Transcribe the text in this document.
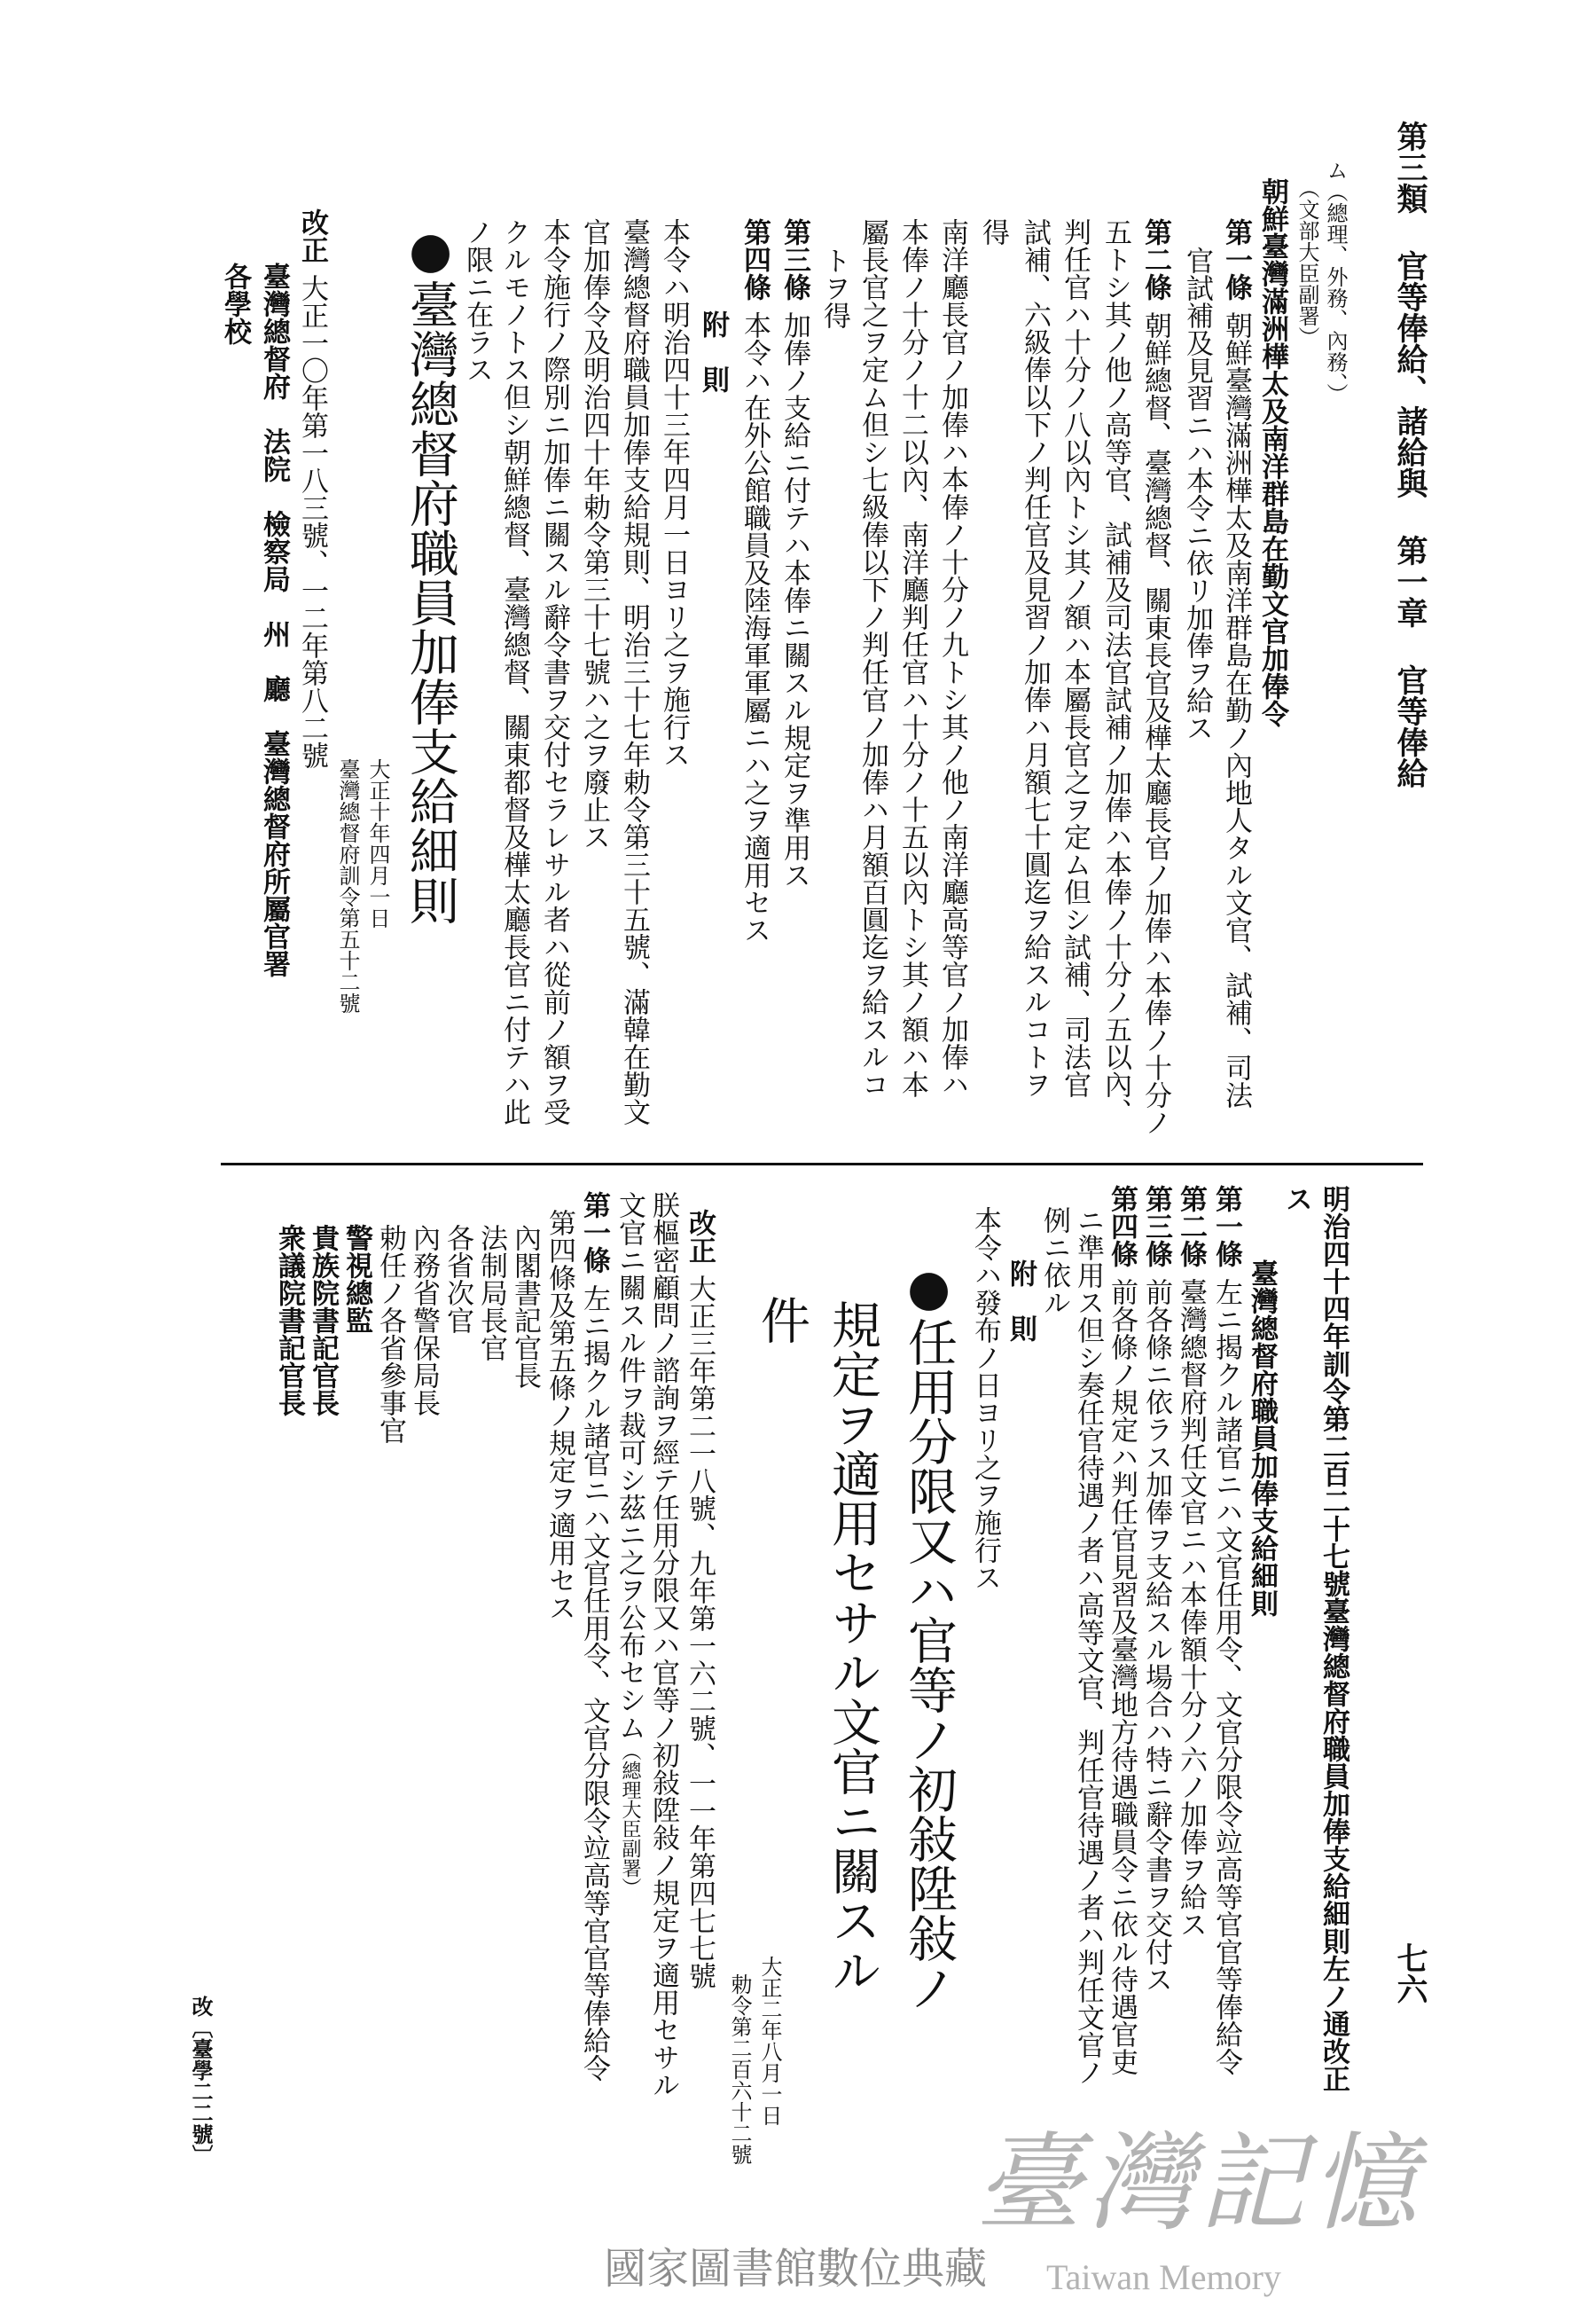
第三類 官等俸給、諸給與 第一章 官等俸給
ム（總理、外務、內務、）
（文部大臣副署）
朝鮮臺灣滿洲樺太及南洋群島在勤文官加俸令
第一條朝鮮臺灣滿洲樺太及南洋群島在勤ノ內地人タル文官、試補、司法
官試補及見習ニハ本令ニ依リ加俸ヲ給ス
第二條朝鮮總督、臺灣總督、關東長官及樺太廳長官ノ加俸ハ本俸ノ十分ノ
五トシ其ノ他ノ高等官、試補及司法官試補ノ加俸ハ本俸ノ十分ノ五以內、
判任官ハ十分ノ八以內トシ其ノ額ハ本屬長官之ヲ定ム但シ試補、司法官
試補、六級俸以下ノ判任官及見習ノ加俸ハ月額七十圓迄ヲ給スルコトヲ
得
南洋廳長官ノ加俸ハ本俸ノ十分ノ九トシ其ノ他ノ南洋廳高等官ノ加俸ハ
本俸ノ十分ノ十二以內、南洋廳判任官ハ十分ノ十五以內トシ其ノ額ハ本
屬長官之ヲ定ム但シ七級俸以下ノ判任官ノ加俸ハ月額百圓迄ヲ給スルコ
トヲ得
第三條加俸ノ支給ニ付テハ本俸ニ關スル規定ヲ準用ス
第四條本令ハ在外公館職員及陸海軍軍屬ニハ之ヲ適用セス
附　則
本令ハ明治四十三年四月一日ヨリ之ヲ施行ス
臺灣總督府職員加俸支給規則、明治三十七年勅令第三十五號、滿韓在勤文
官加俸令及明治四十年勅令第三十七號ハ之ヲ廢止ス
本令施行ノ際別ニ加俸ニ關スル辭令書ヲ交付セラレサル者ハ從前ノ額ヲ受
クルモノトス但シ朝鮮總督、臺灣總督、關東都督及樺太廳長官ニ付テハ此
ノ限ニ在ラス
●臺灣總督府職員加俸支給細則
大正十年四月一日
臺灣總督府訓令第五十二號
改正大正一〇年第一八三號、一二年第八二號
臺灣總督府　法院　檢察局　州　廳　臺灣總督府所屬官署
各學校
七六
明治四十四年訓令第二百二十七號臺灣總督府職員加俸支給細則左ノ通改正
ス
臺灣總督府職員加俸支給細則
第一條左ニ揭クル諸官ニハ文官任用令、文官分限令竝高等官官等俸給令
第二條臺灣總督府判任文官ニハ本俸額十分ノ六ノ加俸ヲ給ス
第三條前各條ニ依ラス加俸ヲ支給スル場合ハ特ニ辭令書ヲ交付ス
第四條前各條ノ規定ハ判任官見習及臺灣地方待遇職員令ニ依ル待遇官吏
ニ準用ス但シ奏任官待遇ノ者ハ高等文官、判任官待遇ノ者ハ判任文官ノ
例ニ依ル
附　則
本令ハ發布ノ日ヨリ之ヲ施行ス
●任用分限又ハ官等ノ初敍陞敍ノ
規定ヲ適用セサル文官ニ關スル
件
大正二年八月一日
勅令第二百六十二號
改正大正三年第二一八號、九年第一六二號、一一年第四七七號
朕樞密顧問ノ諮詢ヲ經テ任用分限又ハ官等ノ初敍陞敍ノ規定ヲ適用セサル
文官ニ關スル件ヲ裁可シ茲ニ之ヲ公布セシム（總理大臣副署）
第一條左ニ揭クル諸官ニハ文官任用令、文官分限令竝高等官官等俸給令
第四條及第五條ノ規定ヲ適用セス
內閣書記官長
法制局長官
各省次官
內務省警保局長
勅任ノ各省參事官
警視總監
貴族院書記官長
衆議院書記官長
改〔臺學二二號〕
臺灣記憶
Taiwan Memory
國家圖書館數位典藏
